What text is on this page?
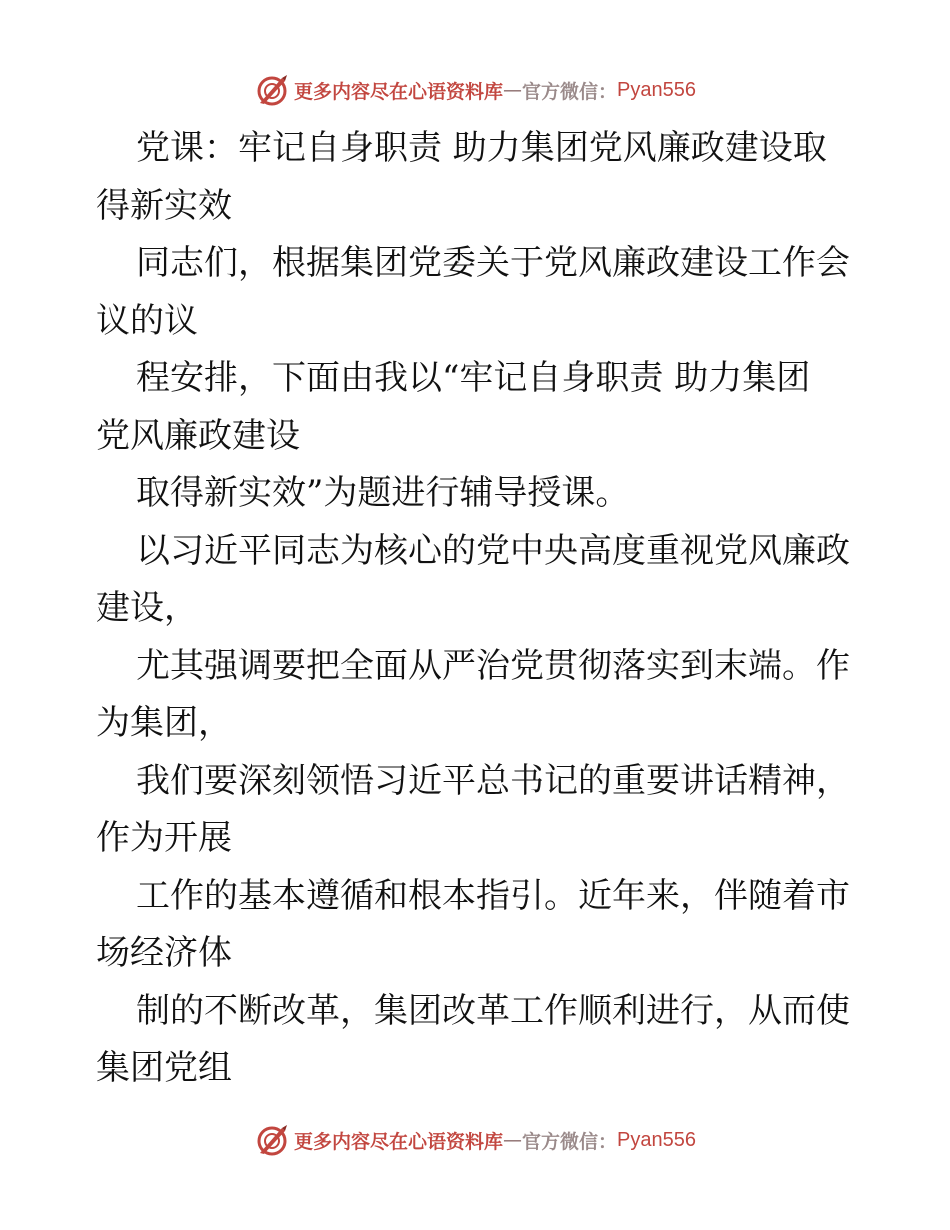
更多内容尽在心语资料库 — 官方微信： Pyan556
党课：牢记自身职责 助力集团党风廉政建设取
得新实效
同志们，根据集团党委关于党风廉政建设工作会
议的议
程安排，下面由我以“牢记自身职责 助力集团
党风廉政建设
取得新实效”为题进行辅导授课。
以习近平同志为核心的党中央高度重视党风廉政
建设，
尤其强调要把全面从严治党贯彻落实到末端。作
为集团，
我们要深刻领悟习近平总书记的重要讲话精神，
作为开展
工作的基本遵循和根本指引。近年来，伴随着市
场经济体
制的不断改革，集团改革工作顺利进行，从而使
集团党组
更多内容尽在心语资料库 — 官方微信： Pyan556
